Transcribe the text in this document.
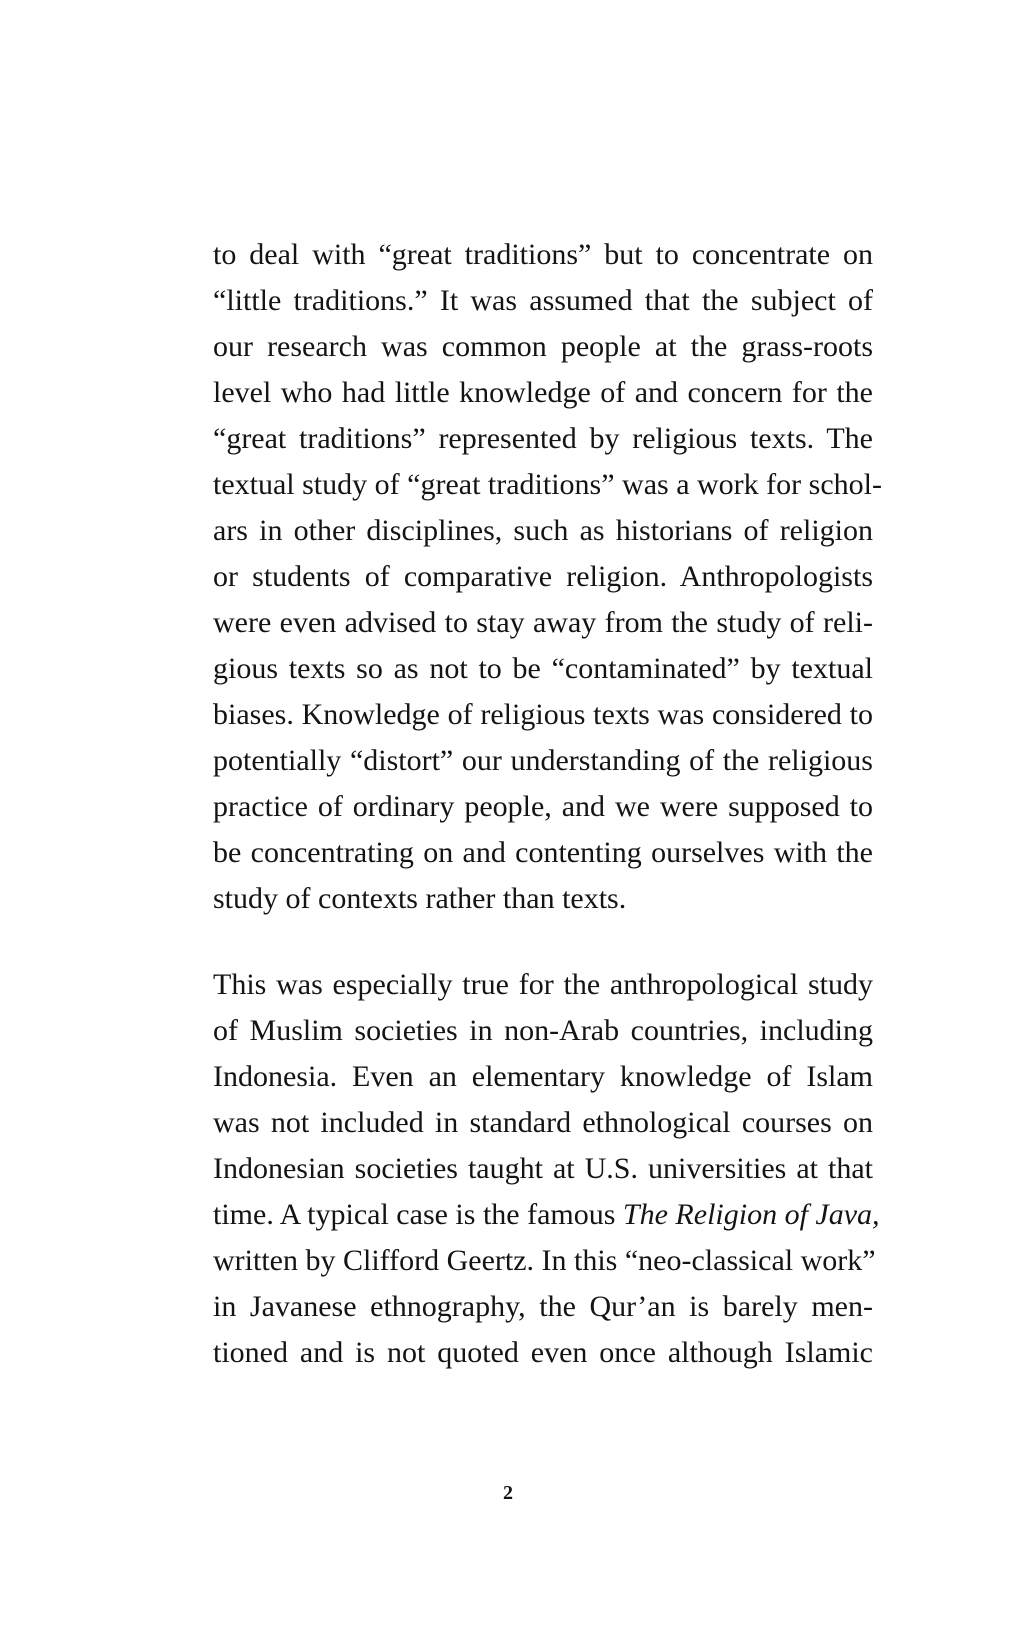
to deal with “great traditions” but to concentrate on
“little traditions.” It was assumed that the subject of
our research was common people at the grass-roots
level who had little knowledge of and concern for the
“great traditions” represented by religious texts. The
textual study of “great traditions” was a work for schol-
ars in other disciplines, such as historians of religion
or students of comparative religion. Anthropologists
were even advised to stay away from the study of reli-
gious texts so as not to be “contaminated” by textual
biases. Knowledge of religious texts was considered to
potentially “distort” our understanding of the religious
practice of ordinary people, and we were supposed to
be concentrating on and contenting ourselves with the
study of contexts rather than texts.
This was especially true for the anthropological study
of Muslim societies in non-Arab countries, including
Indonesia. Even an elementary knowledge of Islam
was not included in standard ethnological courses on
Indonesian societies taught at U.S. universities at that
time. A typical case is the famous The Religion of Java,
written by Clifford Geertz. In this “neo-classical work”
in Javanese ethnography, the Qur’an is barely men-
tioned and is not quoted even once although Islamic
2
